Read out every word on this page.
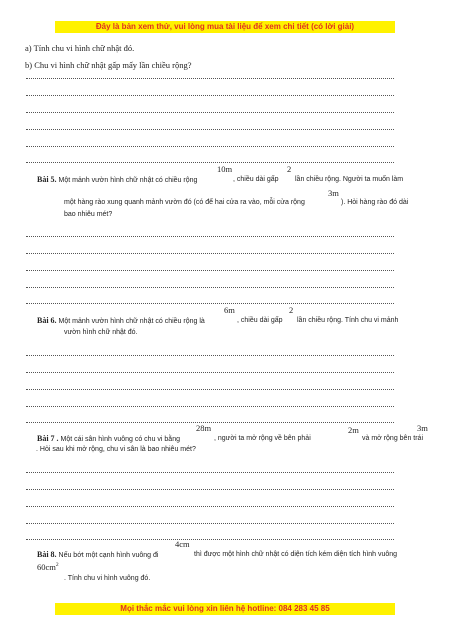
Đây là bản xem thử, vui lòng mua tài liệu để xem chi tiết (có lời giải)
a) Tính chu vi hình chữ nhật đó.
b) Chu vi hình chữ nhật gấp mấy lần chiều rộng?
10m	2
Bài 5. Một mảnh vườn hình chữ nhật có chiều rộng	, chiều dài gấp lần chiều rộng. Người ta muốn làm
3m
một hàng rào xung quanh mảnh vườn đó (có để hai cửa ra vào, mỗi cửa rộng	). Hỏi hàng rào đó dài
bao nhiêu mét?
6m	2
Bài 6. Một mảnh vườn hình chữ nhật có chiều rộng là	, chiều dài gấp lần chiều rộng. Tính chu vi mảnh
vườn hình chữ nhật đó.
28m	2m	3m
Bài 7 . Một cái sân hình vuông có chu vi bằng	, người ta mở rộng về bên phải	và mở rộng bên trái
. Hỏi sau khi mở rộng, chu vi sân là bao nhiêu mét?
4cm
Bài 8. Nếu bớt một cạnh hình vuông đi	thì được một hình chữ nhật có diện tích kém diện tích hình vuông
$60cm^2$
. Tính chu vi hình vuông đó.
Mọi thắc mắc vui lòng xin liên hệ hotline: 084 283 45 85
